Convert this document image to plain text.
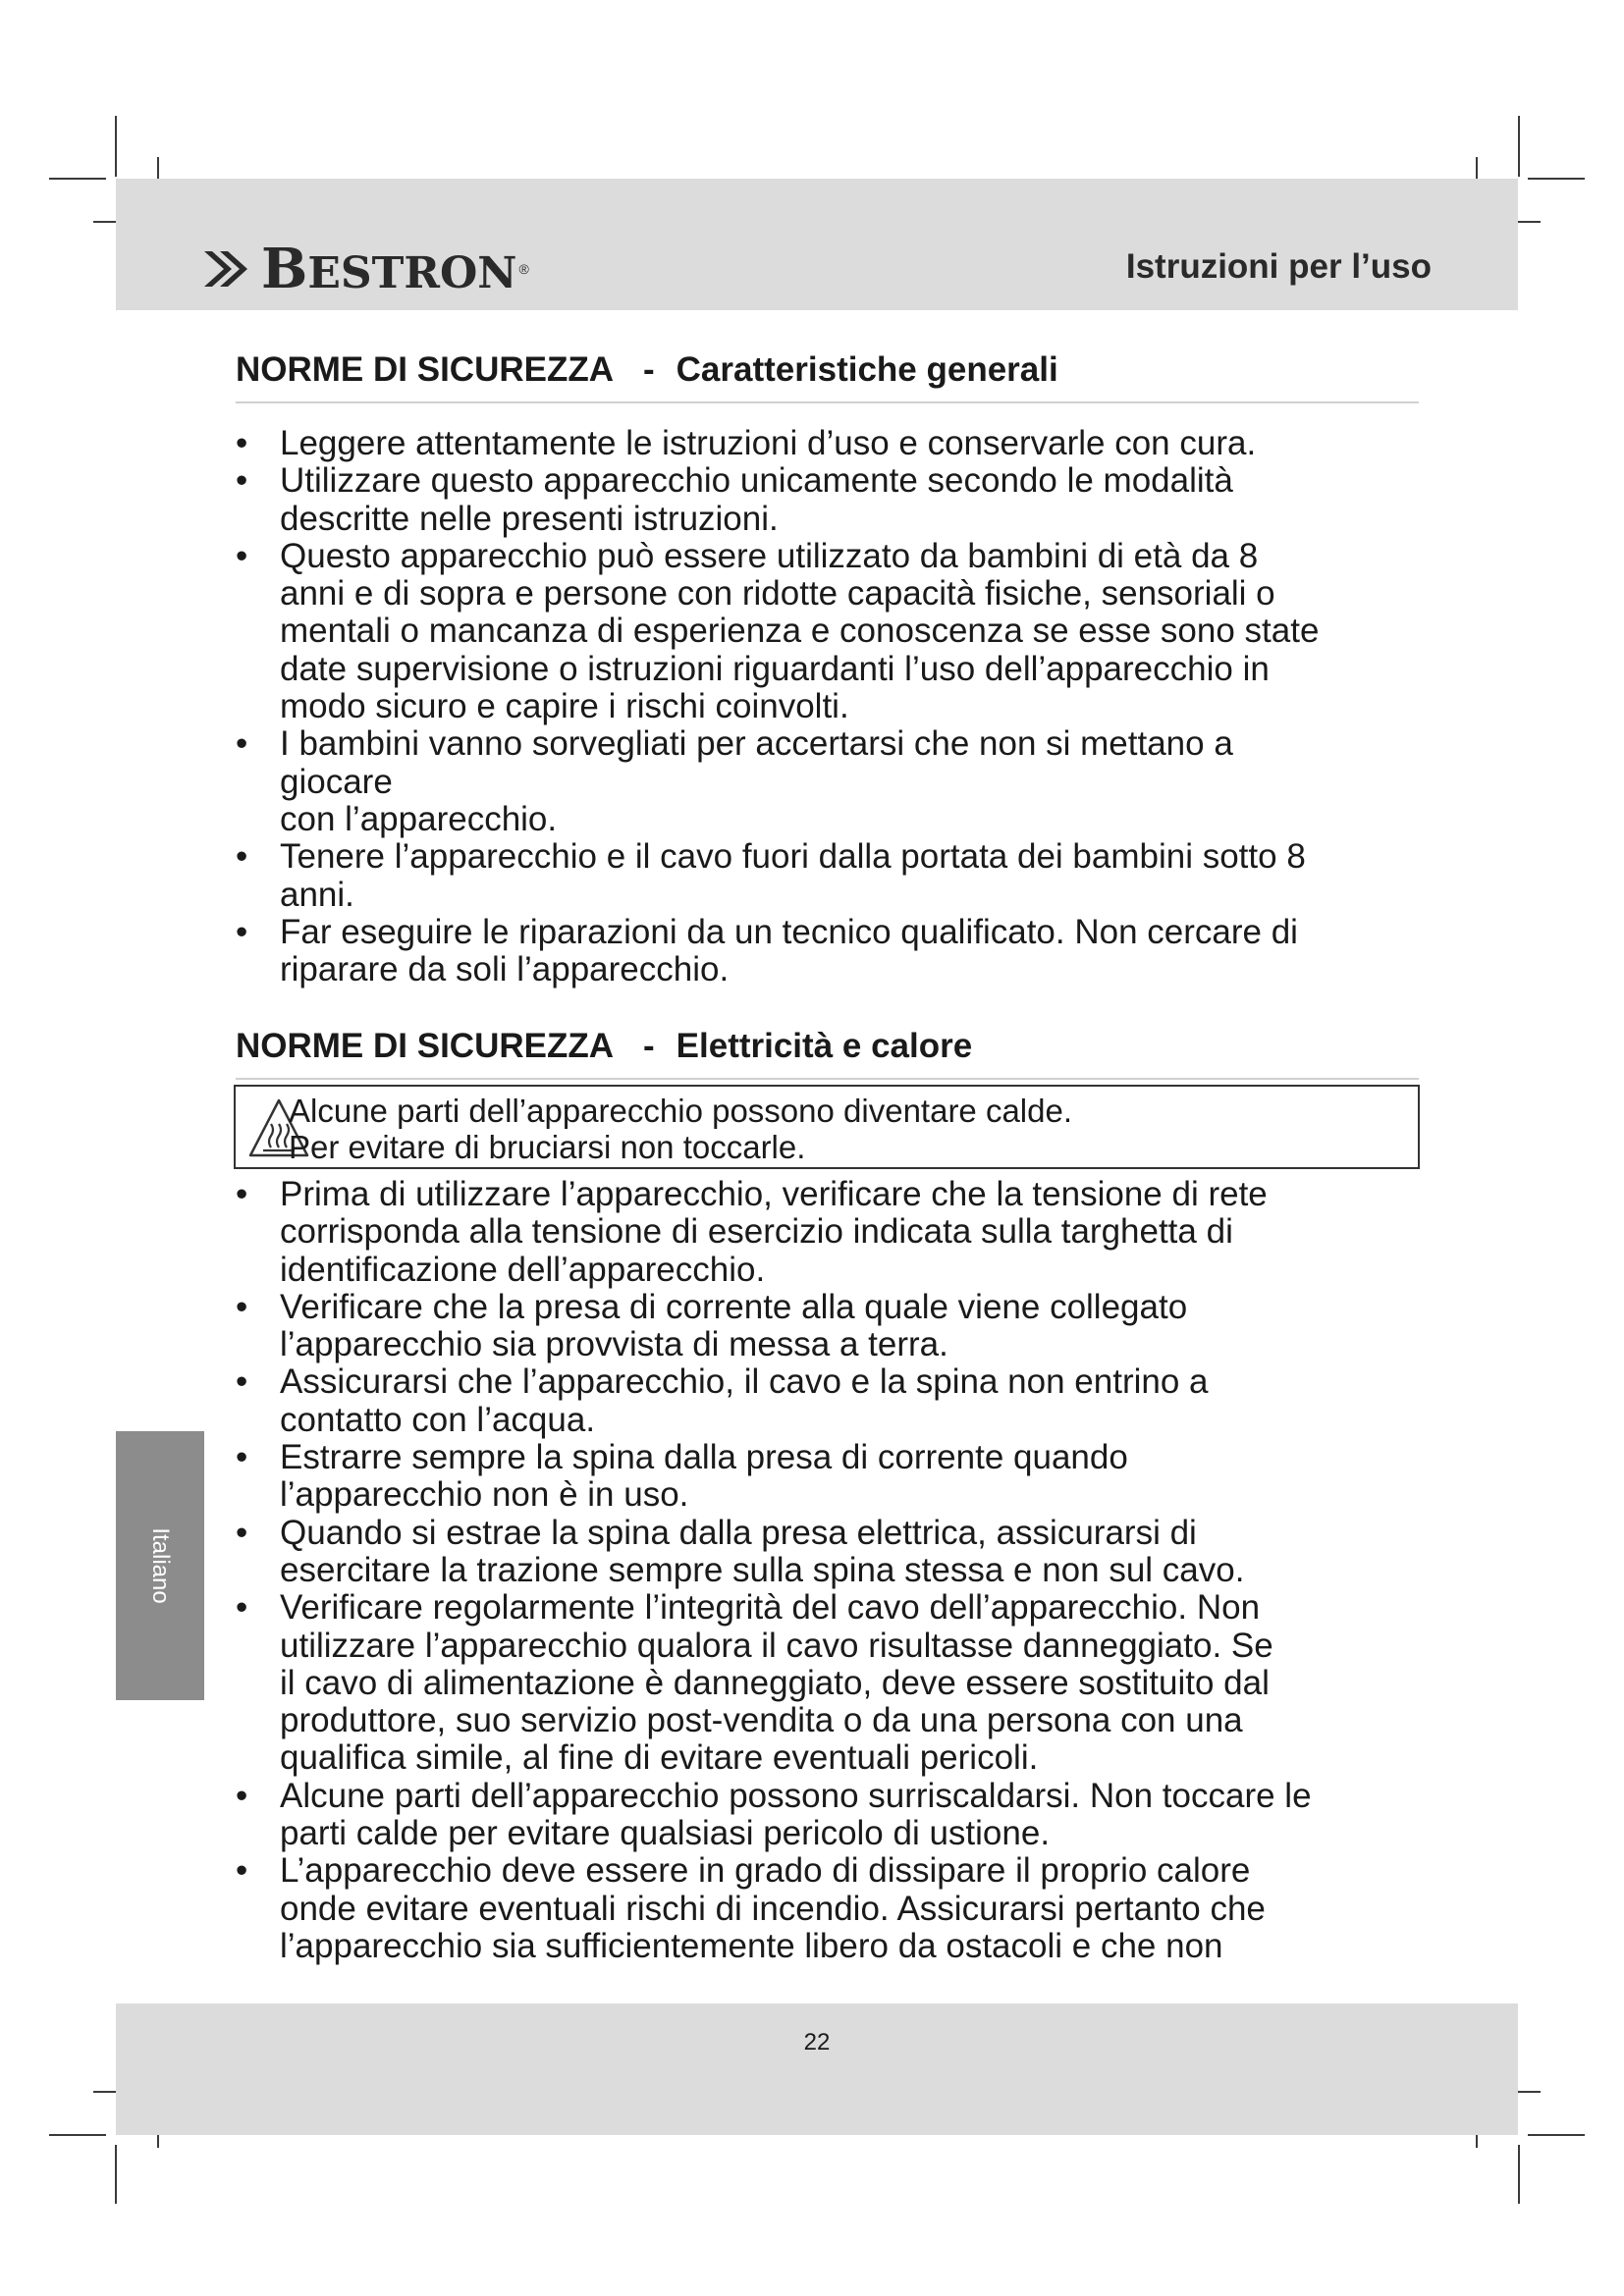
BESTRON ®	Istruzioni per l’uso
NORME DI SICUREZZA - Caratteristiche generali
• Leggere attentamente le istruzioni d’uso e conservarle con cura.
• Utilizzare questo apparecchio unicamente secondo le modalità
descritte nelle presenti istruzioni.
• Questo apparecchio può essere utilizzato da bambini di età da 8
anni e di sopra e persone con ridotte capacità fisiche, sensoriali o
mentali o mancanza di esperienza e conoscenza se esse sono state
date supervisione o istruzioni riguardanti l’uso dell’apparecchio in
modo sicuro e capire i rischi coinvolti.
• I bambini vanno sorvegliati per accertarsi che non si mettano a
giocare
con l’apparecchio.
• Tenere l’apparecchio e il cavo fuori dalla portata dei bambini sotto 8
anni.
• Far eseguire le riparazioni da un tecnico qualificato. Non cercare di
riparare da soli l’apparecchio.
NORME DI SICUREZZA - Elettricità e calore
Alcune parti dell’apparecchio possono diventare calde.
Per evitare di bruciarsi non toccarle.
• Prima di utilizzare l’apparecchio, verificare che la tensione di rete
corrisponda alla tensione di esercizio indicata sulla targhetta di
identificazione dell’apparecchio.
• Verificare che la presa di corrente alla quale viene collegato
l’apparecchio sia provvista di messa a terra.
• Assicurarsi che l’apparecchio, il cavo e la spina non entrino a
contatto con l’acqua.
• Estrarre sempre la spina dalla presa di corrente quando
l’apparecchio non è in uso.
• Quando si estrae la spina dalla presa elettrica, assicurarsi di
esercitare la trazione sempre sulla spina stessa e non sul cavo.
• Verificare regolarmente l’integrità del cavo dell’apparecchio. Non
utilizzare l’apparecchio qualora il cavo risultasse danneggiato. Se
il cavo di alimentazione è danneggiato, deve essere sostituito dal
produttore, suo servizio post-vendita o da una persona con una
qualifica simile, al fine di evitare eventuali pericoli.
• Alcune parti dell’apparecchio possono surriscaldarsi. Non toccare le
parti calde per evitare qualsiasi pericolo di ustione.
• L’apparecchio deve essere in grado di dissipare il proprio calore
onde evitare eventuali rischi di incendio. Assicurarsi pertanto che
l’apparecchio sia sufficientemente libero da ostacoli e che non
Italiano
22
